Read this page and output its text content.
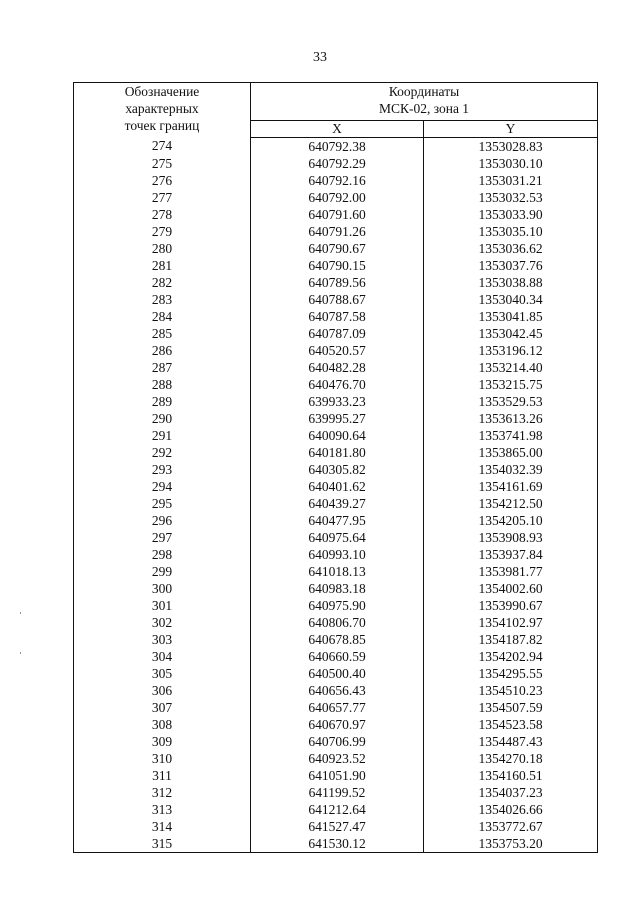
33
Обозначение
характерных
точек границ	Координаты
МСК-02, зона 1	

	X	Y
274	640792.38	1353028.83
275	640792.29	1353030.10
276	640792.16	1353031.21
277	640792.00	1353032.53
278	640791.60	1353033.90
279	640791.26	1353035.10
280	640790.67	1353036.62
281	640790.15	1353037.76
282	640789.56	1353038.88
283	640788.67	1353040.34
284	640787.58	1353041.85
285	640787.09	1353042.45
286	640520.57	1353196.12
287	640482.28	1353214.40
288	640476.70	1353215.75
289	639933.23	1353529.53
290	639995.27	1353613.26
291	640090.64	1353741.98
292	640181.80	1353865.00
293	640305.82	1354032.39
294	640401.62	1354161.69
295	640439.27	1354212.50
296	640477.95	1354205.10
297	640975.64	1353908.93
298	640993.10	1353937.84
299	641018.13	1353981.77
300	640983.18	1354002.60
301	640975.90	1353990.67
302	640806.70	1354102.97
303	640678.85	1354187.82
304	640660.59	1354202.94
305	640500.40	1354295.55
306	640656.43	1354510.23
307	640657.77	1354507.59
308	640670.97	1354523.58
309	640706.99	1354487.43
310	640923.52	1354270.18
311	641051.90	1354160.51
312	641199.52	1354037.23
313	641212.64	1354026.66
314	641527.47	1353772.67
315	641530.12	1353753.20
